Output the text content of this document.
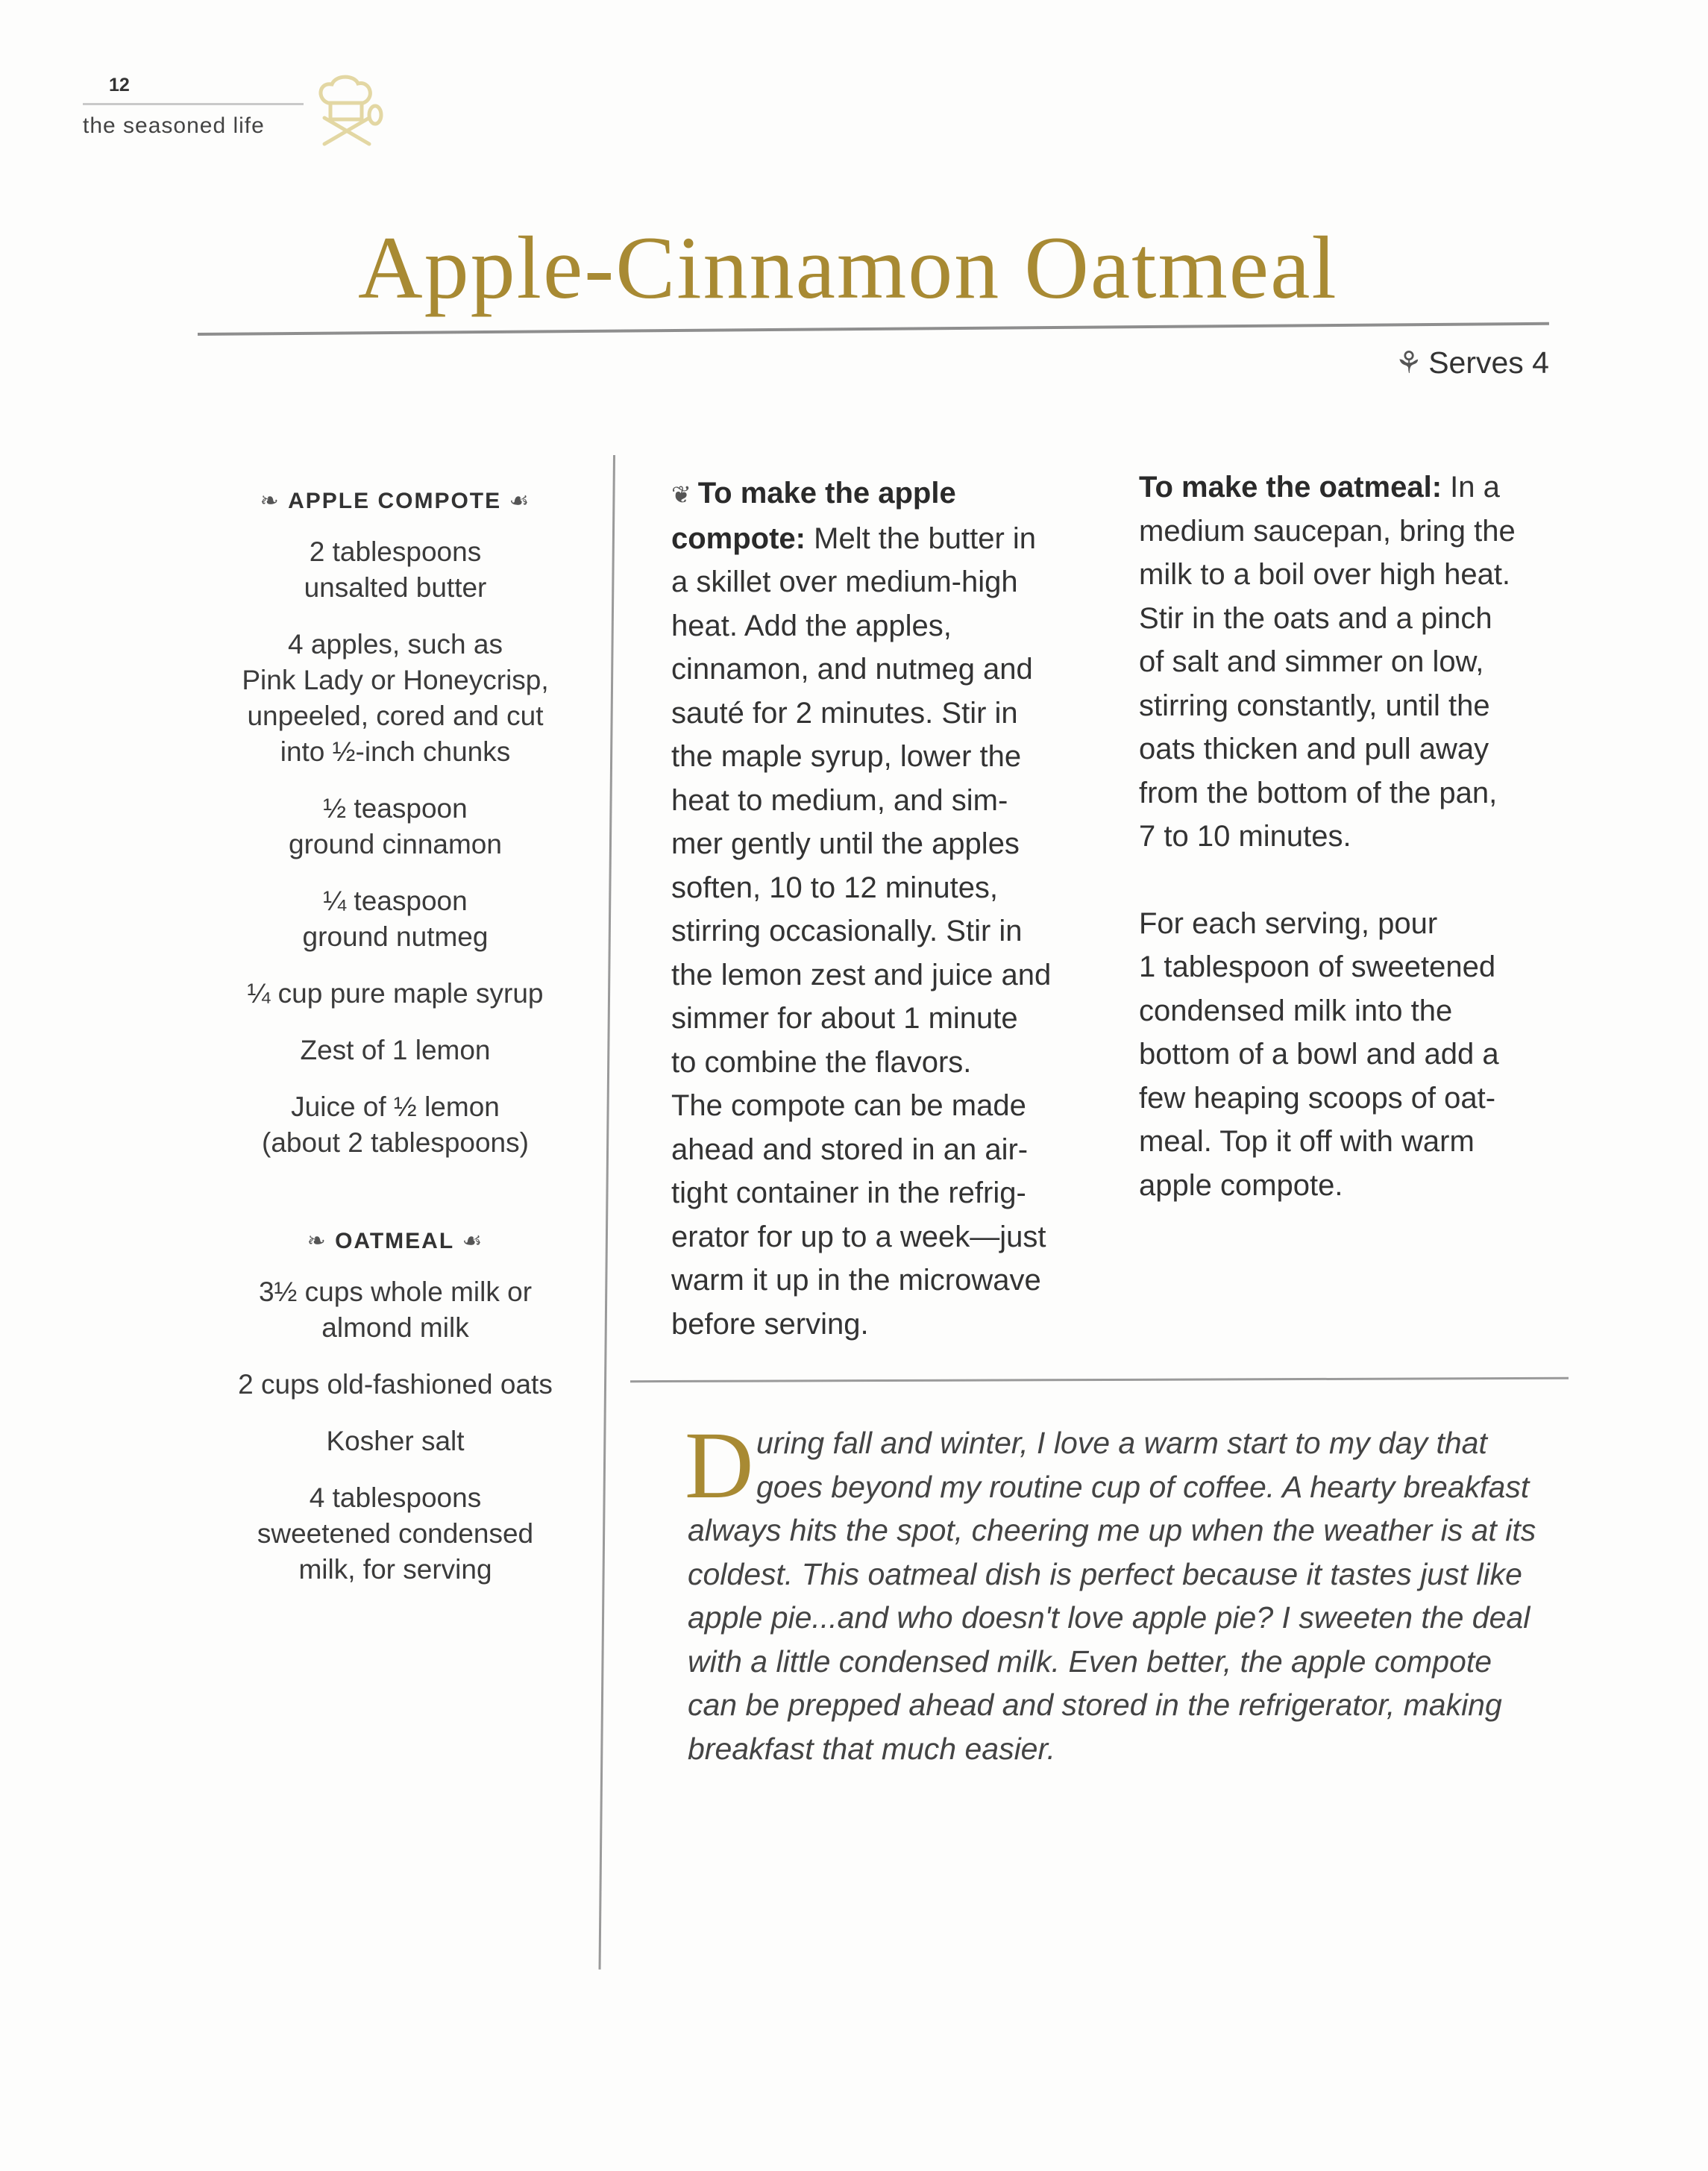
12
the seasoned life
Apple-Cinnamon Oatmeal
⚘ Serves 4
❧ APPLE COMPOTE ☙
2 tablespoons
unsalted butter
4 apples, such as
Pink Lady or Honeycrisp,
unpeeled, cored and cut
into ½-inch chunks
½ teaspoon
ground cinnamon
¼ teaspoon
ground nutmeg
¼ cup pure maple syrup
Zest of 1 lemon
Juice of ½ lemon
(about 2 tablespoons)
❧ OATMEAL ☙
3½ cups whole milk or
almond milk
2 cups old-fashioned oats
Kosher salt
4 tablespoons
sweetened condensed
milk, for serving
❦ To make the apple
compote: Melt the butter in
a skillet over medium-high
heat. Add the apples,
cinnamon, and nutmeg and
sauté for 2 minutes. Stir in
the maple syrup, lower the
heat to medium, and sim-
mer gently until the apples
soften, 10 to 12 minutes,
stirring occasionally. Stir in
the lemon zest and juice and
simmer for about 1 minute
to combine the flavors.
The compote can be made
ahead and stored in an air-
tight container in the refrig-
erator for up to a week—just
warm it up in the microwave
before serving.
To make the oatmeal: In a
medium saucepan, bring the
milk to a boil over high heat.
Stir in the oats and a pinch
of salt and simmer on low,
stirring constantly, until the
oats thicken and pull away
from the bottom of the pan,
7 to 10 minutes.
For each serving, pour
1 tablespoon of sweetened
condensed milk into the
bottom of a bowl and add a
few heaping scoops of oat-
meal. Top it off with warm
apple compote.
D uring fall and winter, I love a warm start to my day that
goes beyond my routine cup of coffee. A hearty breakfast
always hits the spot, cheering me up when the weather is at its
coldest. This oatmeal dish is perfect because it tastes just like
apple pie...and who doesn't love apple pie? I sweeten the deal
with a little condensed milk. Even better, the apple compote
can be prepped ahead and stored in the refrigerator, making
breakfast that much easier.
